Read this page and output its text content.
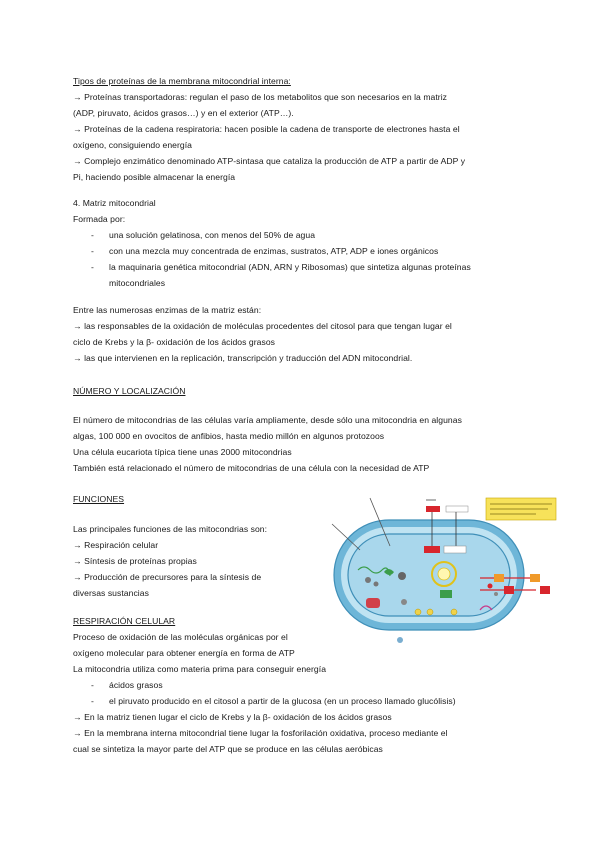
Tipos de proteínas de la membrana mitocondrial interna:
→ Proteínas transportadoras: regulan el paso de los metabolitos que son necesarios en la matriz
(ADP, piruvato, ácidos grasos…) y en el exterior (ATP…).
→ Proteínas de la cadena respiratoria: hacen posible la cadena de transporte de electrones hasta el
oxígeno, consiguiendo energía
→ Complejo enzimático denominado ATP-sintasa que cataliza la producción de ATP a partir de ADP y
Pi, haciendo posible almacenar la energía
4. Matriz mitocondrial
Formada por:
- una solución gelatinosa, con menos del 50% de agua
- con una mezcla muy concentrada de enzimas, sustratos, ATP, ADP e iones orgánicos
- la maquinaria genética mitocondrial (ADN, ARN y Ribosomas) que sintetiza algunas proteínas
mitocondriales
Entre las numerosas enzimas de la matriz están:
→ las responsables de la oxidación de moléculas procedentes del citosol para que tengan lugar el
ciclo de Krebs y la β- oxidación de los ácidos grasos
→ las que intervienen en la replicación, transcripción y traducción del ADN mitocondrial.
NÚMERO Y LOCALIZACIÓN
El número de mitocondrias de las células varía ampliamente, desde sólo una mitocondria en algunas
algas, 100 000 en ovocitos de anfibios, hasta medio millón en algunos protozoos
Una célula eucariota típica tiene unas 2000 mitocondrias
También está relacionado el número de mitocondrias de una célula con la necesidad de ATP
FUNCIONES
Las principales funciones de las mitocondrias son:
→ Respiración celular
→ Síntesis de proteínas propias
→ Producción de precursores para la síntesis de
diversas sustancias
RESPIRACIÓN CELULAR
Proceso de oxidación de las moléculas orgánicas por el
oxígeno molecular para obtener energía en forma de ATP
La mitocondria utiliza como materia prima para conseguir energía
- ácidos grasos
- el piruvato producido en el citosol a partir de la glucosa (en un proceso llamado glucólisis)
→ En la matriz tienen lugar el ciclo de Krebs y la β- oxidación de los ácidos grasos
→ En la membrana interna mitocondrial tiene lugar la fosforilación oxidativa, proceso mediante el
cual se sintetiza la mayor parte del ATP que se produce en las células aeróbicas
